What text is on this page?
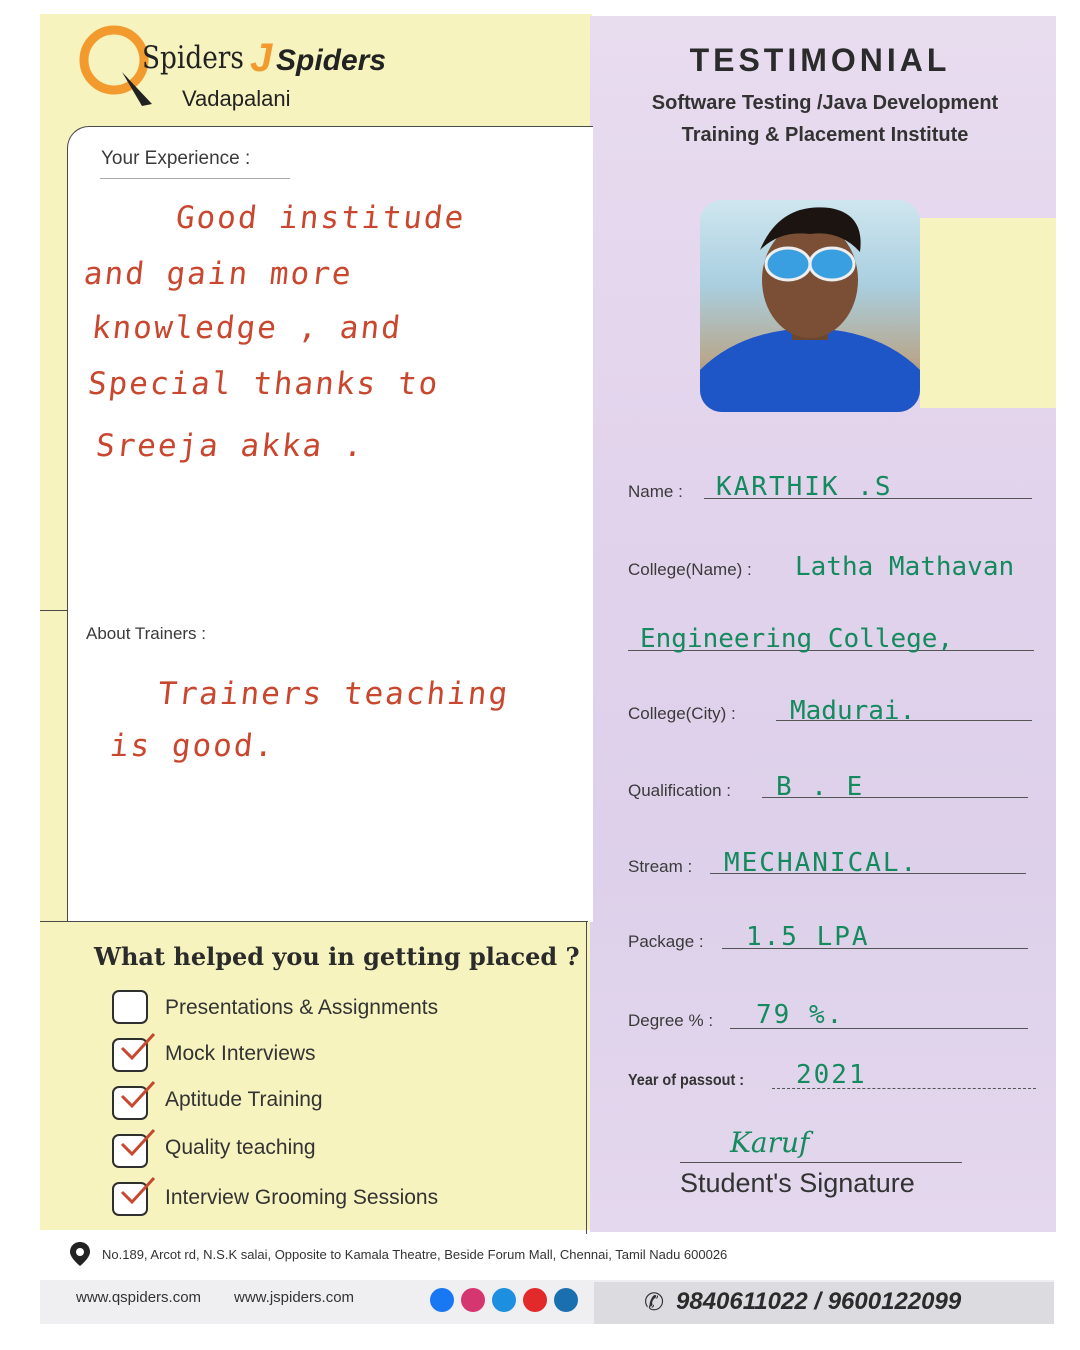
Spiders J Spiders
Vadapalani
TESTIMONIAL
Software Testing /Java Development
Training & Placement Institute
Your Experience :
Good institude
and gain more
knowledge , and
Special thanks to
Sreeja akka .
About Trainers :
Trainers teaching
is good.
What helped you in getting placed ?
Presentations & Assignments
Mock Interviews
Aptitude Training
Quality teaching
Interview Grooming Sessions
Name : KARTHIK .S
College(Name) : Latha Mathavan
Engineering College,
College(City) : Madurai.
Qualification : B . E
Stream : MECHANICAL.
Package : 1.5 LPA
Degree % : 79 %.
Year of passout : 2021
Karuf
Student's Signature
No.189, Arcot rd, N.S.K salai, Opposite to Kamala Theatre, Beside Forum Mall, Chennai, Tamil Nadu 600026
www.qspiders.com www.jspiders.com	✆ 9840611022 / 9600122099
